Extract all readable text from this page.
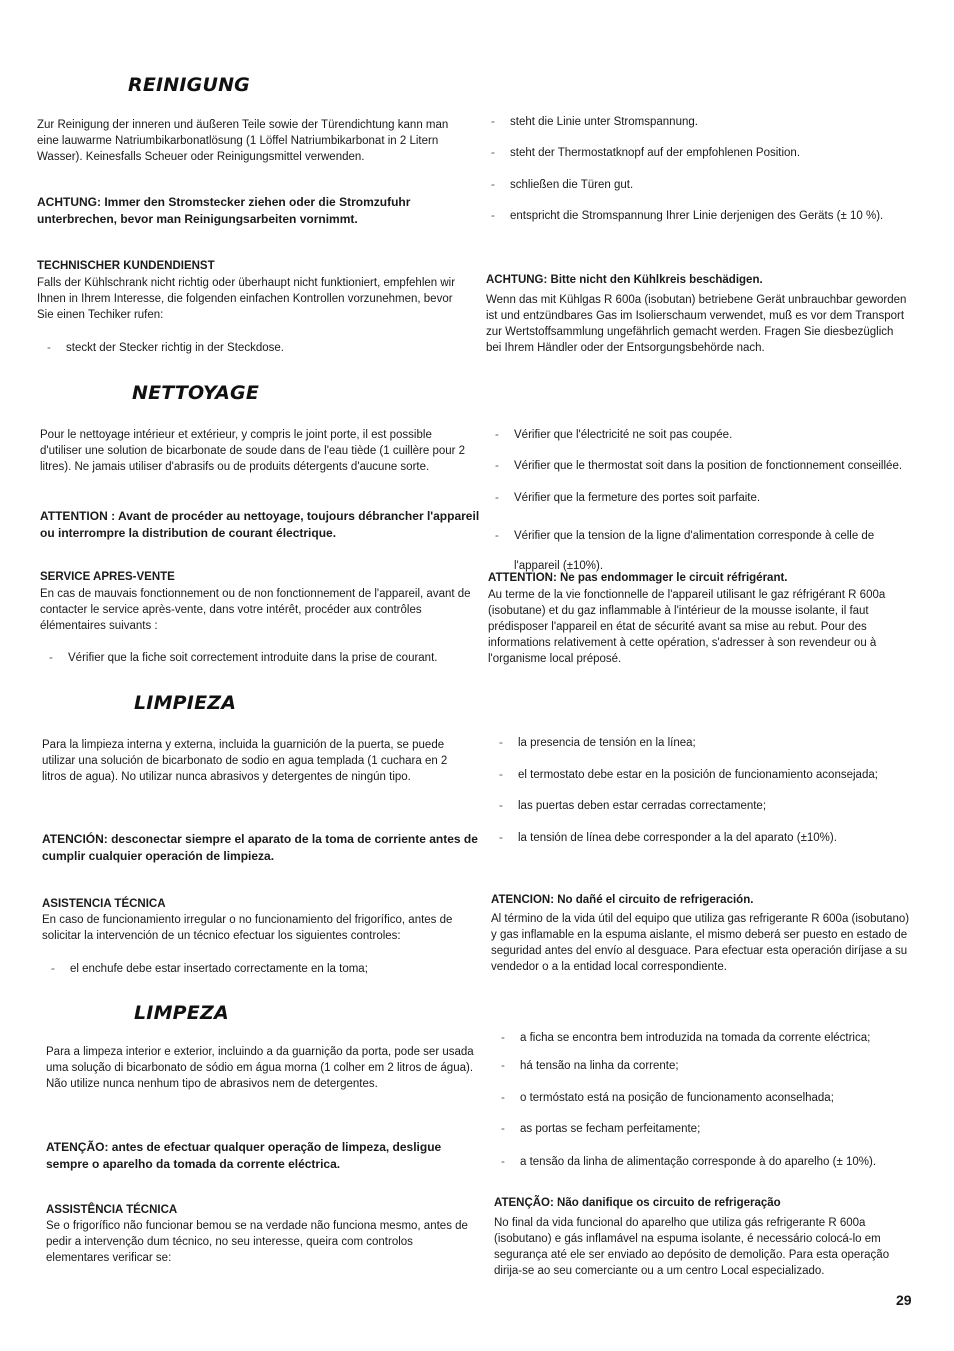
REINIGUNG
Zur Reinigung der inneren und äußeren Teile sowie der Türendichtung kann man eine lauwarme Natriumbikarbonatlösung (1 Löffel Natriumbikarbonat in 2 Litern Wasser). Keinesfalls Scheuer oder Reinigungsmittel verwenden.
ACHTUNG: Immer den Stromstecker ziehen oder die Stromzufuhr unterbrechen, bevor man Reinigungsarbeiten vornimmt.
TECHNISCHER KUNDENDIENST
Falls der Kühlschrank nicht richtig oder überhaupt nicht funktioniert, empfehlen wir Ihnen in Ihrem Interesse, die folgenden einfachen Kontrollen vorzunehmen, bevor Sie einen Techiker rufen:
- steckt der Stecker richtig in der Steckdose.
- steht die Linie unter Stromspannung.
- steht der Thermostatknopf auf der empfohlenen Position.
- schließen die Türen gut.
- entspricht die Stromspannung Ihrer Linie derjenigen des Geräts (± 10 %).
ACHTUNG: Bitte nicht den Kühlkreis beschädigen.
Wenn das mit Kühlgas R 600a (isobutan) betriebene Gerät unbrauchbar geworden ist und entzündbares Gas im Isolierschaum verwendet, muß es vor dem Transport zur Wertstoffsammlung ungefährlich gemacht werden. Fragen Sie diesbezüglich bei Ihrem Händler oder der Entsorgungsbehörde nach.
NETTOYAGE
Pour le nettoyage intérieur et extérieur, y compris le joint porte, il est possible d'utiliser une solution de bicarbonate de soude dans de l'eau tiède (1 cuillère pour 2 litres). Ne jamais utiliser d'abrasifs ou de produits détergents d'aucune sorte.
ATTENTION : Avant de procéder au nettoyage, toujours débrancher l'appareil ou interrompre la distribution de courant électrique.
SERVICE APRES-VENTE
En cas de mauvais fonctionnement ou de non fonctionnement de l'appareil, avant de contacter le service après-vente, dans votre intérêt, procéder aux contrôles élémentaires suivants :
- Vérifier que la fiche soit correctement introduite dans la prise de courant.
- Vérifier que l'électricité ne soit pas coupée.
- Vérifier que le thermostat soit dans la position de fonctionnement conseillée.
- Vérifier que la fermeture des portes soit parfaite.
- Vérifier que la tension de la ligne d'alimentation corresponde à celle de l'appareil (±10%).
ATTENTION: Ne pas endommager le circuit réfrigérant.
Au terme de la vie fonctionnelle de l'appareil utilisant le gaz réfrigérant R 600a (isobutane) et du gaz inflammable à l'intérieur de la mousse isolante, il faut prédisposer l'appareil en état de sécurité avant sa mise au rebut. Pour des informations relativement à cette opération, s'adresser à son revendeur ou à l'organisme local préposé.
LIMPIEZA
Para la limpieza interna y externa, incluida la guarnición de la puerta, se puede utilizar una solución de bicarbonato de sodio en agua templada (1 cuchara en 2 litros de agua). No utilizar nunca abrasivos y detergentes de ningún tipo.
ATENCIÓN: desconectar siempre el aparato de la toma de corriente antes de cumplir cualquier operación de limpieza.
ASISTENCIA TÉCNICA
En caso de funcionamiento irregular o no funcionamiento del frigorífico, antes de solicitar la intervención de un técnico efectuar los siguientes controles:
- el enchufe debe estar insertado correctamente en la toma;
- la presencia de tensión en la línea;
- el termostato debe estar en la posición de funcionamiento aconsejada;
- las puertas deben estar cerradas correctamente;
- la tensión de línea debe corresponder a la del aparato (±10%).
ATENCION: No dañé el circuito de refrigeración.
Al término de la vida útil del equipo que utiliza gas refrigerante R 600a (isobutano) y gas inflamable en la espuma aislante, el mismo deberá ser puesto en estado de seguridad antes del envío al desguace. Para efectuar esta operación diríjase a su vendedor o a la entidad local correspondiente.
LIMPEZA
Para a limpeza interior e exterior, incluindo a da guarnição da porta, pode ser usada uma solução di bicarbonato de sódio em água morna (1 colher em 2 litros de água). Não utilize nunca nenhum tipo de abrasivos nem de detergentes.
ATENÇÃO: antes de efectuar qualquer operação de limpeza, desligue sempre o aparelho da tomada da corrente eléctrica.
ASSISTÊNCIA TÉCNICA
Se o frigorífico não funcionar bemou se na verdade não funciona mesmo, antes de pedir a intervenção dum técnico, no seu interesse, queira com controlos elementares verificar se:
- a ficha se encontra bem introduzida na tomada da corrente eléctrica;
- há tensão na linha da corrente;
- o termóstato está na posição de funcionamento aconselhada;
- as portas se fecham perfeitamente;
- a tensão da linha de alimentação corresponde à do aparelho (± 10%).
ATENÇÃO: Não danifique os circuito de refrigeração
No final da vida funcional do aparelho que utiliza gás refrigerante R 600a (isobutano) e gás inflamável na espuma isolante, é necessário colocá-lo em segurança até ele ser enviado ao depósito de demolição. Para esta operação dirija-se ao seu comerciante ou a um centro Local especializado.
29
